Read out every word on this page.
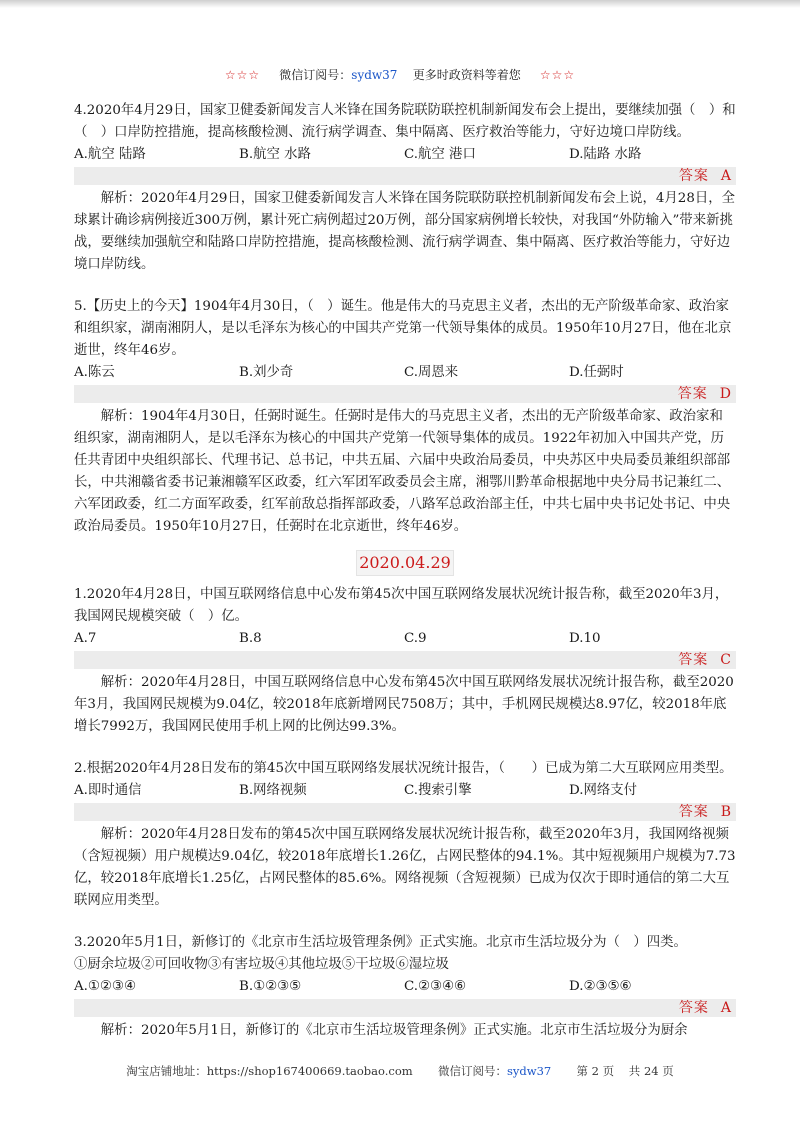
☆☆☆ 微信订阅号：sydw37 更多时政资料等着您 ☆☆☆

4.2020年4月29日，国家卫健委新闻发言人米锋在国务院联防联控机制新闻发布会上提出，要继续加强（　）和（　）口岸防控措施，提高核酸检测、流行病学调查、集中隔离、医疗救治等能力，守好边境口岸防线。

A.航空 陆路	B.航空 水路	C.航空 港口	D.陆路 水路
答案 A

解析：2020年4月29日，国家卫健委新闻发言人米锋在国务院联防联控机制新闻发布会上说，4月28日，全球累计确诊病例接近300万例，累计死亡病例超过20万例，部分国家病例增长较快，对我国“外防输入”带来新挑战，要继续加强航空和陆路口岸防控措施，提高核酸检测、流行病学调查、集中隔离、医疗救治等能力，守好边境口岸防线。

5.【历史上的今天】1904年4月30日，（　）诞生。他是伟大的马克思主义者，杰出的无产阶级革命家、政治家和组织家，湖南湘阴人，是以毛泽东为核心的中国共产党第一代领导集体的成员。1950年10月27日，他在北京逝世，终年46岁。

A.陈云	B.刘少奇	C.周恩来	D.任弼时
答案 D

解析：1904年4月30日，任弼时诞生。任弼时是伟大的马克思主义者，杰出的无产阶级革命家、政治家和组织家，湖南湘阴人，是以毛泽东为核心的中国共产党第一代领导集体的成员。1922年初加入中国共产党，历任共青团中央组织部长、代理书记、总书记，中共五届、六届中央政治局委员，中央苏区中央局委员兼组织部部长，中共湘赣省委书记兼湘赣军区政委，红六军团军政委员会主席，湘鄂川黔革命根据地中央分局书记兼红二、六军团政委，红二方面军政委，红军前敌总指挥部政委，八路军总政治部主任，中共七届中央书记处书记、中央政治局委员。1950年10月27日，任弼时在北京逝世，终年46岁。

2020.04.29

1.2020年4月28日，中国互联网络信息中心发布第45次中国互联网络发展状况统计报告称，截至2020年3月，我国网民规模突破（　）亿。

A.7	B.8	C.9	D.10
答案 C

解析：2020年4月28日，中国互联网络信息中心发布第45次中国互联网络发展状况统计报告称，截至2020年3月，我国网民规模为9.04亿，较2018年底新增网民7508万；其中，手机网民规模达8.97亿，较2018年底增长7992万，我国网民使用手机上网的比例达99.3%。

2.根据2020年4月28日发布的第45次中国互联网络发展状况统计报告，（　　）已成为第二大互联网应用类型。

A.即时通信	B.网络视频	C.搜索引擎	D.网络支付
答案 B

解析：2020年4月28日发布的第45次中国互联网络发展状况统计报告称，截至2020年3月，我国网络视频（含短视频）用户规模达9.04亿，较2018年底增长1.26亿，占网民整体的94.1%。其中短视频用户规模为7.73亿，较2018年底增长1.25亿，占网民整体的85.6%。网络视频（含短视频）已成为仅次于即时通信的第二大互联网应用类型。

3.2020年5月1日，新修订的《北京市生活垃圾管理条例》正式实施。北京市生活垃圾分为（　）四类。

①厨余垃圾②可回收物③有害垃圾④其他垃圾⑤干垃圾⑥湿垃圾

A.①②③④	B.①②③⑤	C.②③④⑥	D.②③⑤⑥
答案 A

解析：2020年5月1日，新修订的《北京市生活垃圾管理条例》正式实施。北京市生活垃圾分为厨余

淘宝店铺地址：https://shop167400669.taobao.com 微信订阅号：sydw37 第 2 页 共 24 页
